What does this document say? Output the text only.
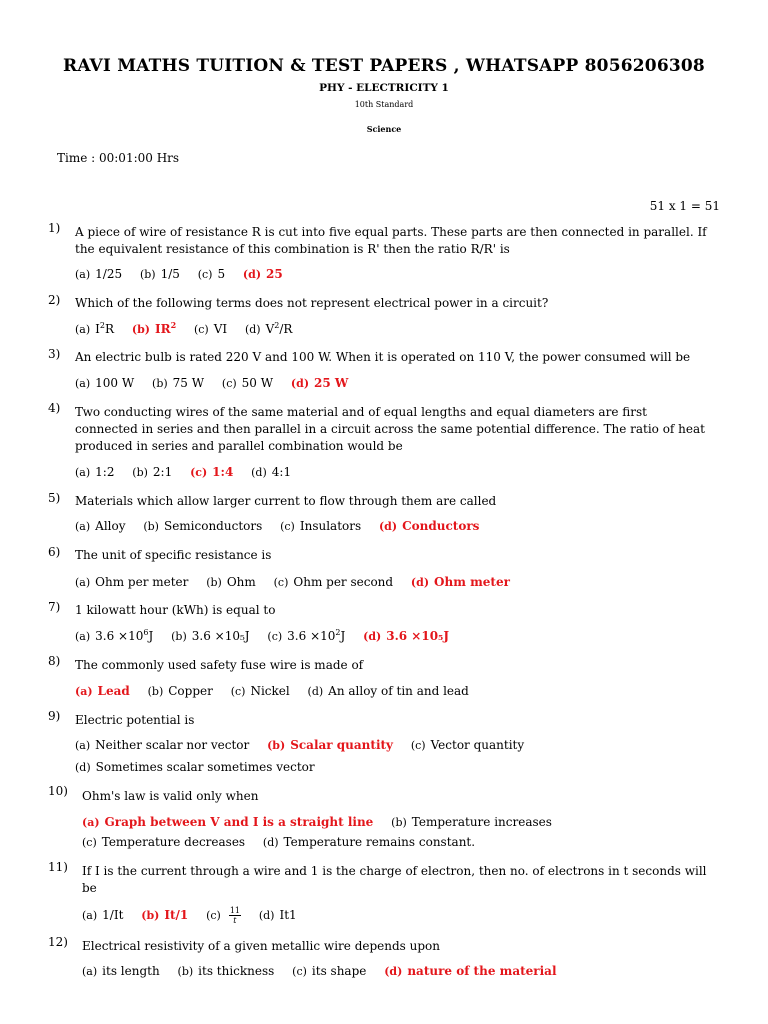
RAVI MATHS TUITION & TEST PAPERS , WHATSAPP 8056206308
PHY - ELECTRICITY 1
10th Standard
Science
Time : 00:01:00 Hrs
51 x 1 = 51
1) A piece of wire of resistance R is cut into five equal parts. These parts are then connected in parallel. If the equivalent resistance of this combination is R' then the ratio R/R' is
(a) 1/25 (b) 1/5 (c) 5 (d) 25
2) Which of the following terms does not represent electrical power in a circuit?
(a) $I^2R$ (b) $IR^2$ (c) VI (d) $V^2/R$
3) An electric bulb is rated 220 V and 100 W. When it is operated on 110 V, the power consumed will be
(a) 100 W (b) 75 W (c) 50 W (d) 25 W
4) Two conducting wires of the same material and of equal lengths and equal diameters are first connected in series and then parallel in a circuit across the same potential difference. The ratio of heat produced in series and parallel combination would be
(a) 1:2 (b) 2:1 (c) 1:4 (d) 4:1
5) Materials which allow larger current to flow through them are called
(a) Alloy (b) Semiconductors (c) Insulators (d) Conductors
6) The unit of specific resistance is
(a) Ohm per meter (b) Ohm (c) Ohm per second (d) Ohm meter
7) 1 kilowatt hour (kWh) is equal to
(a) $3.6 \times 10^6J$ (b) 3.6 ×10₅J (c) $3.6 \times 10^2J$ (d) 3.6 ×10₅J
8) The commonly used safety fuse wire is made of
(a) Lead (b) Copper (c) Nickel (d) An alloy of tin and lead
9) Electric potential is
(a) Neither scalar nor vector (b) Scalar quantity (c) Vector quantity
(d) Sometimes scalar sometimes vector
10) Ohm's law is valid only when
(a) Graph between V and I is a straight line (b) Temperature increases
(c) Temperature decreases (d) Temperature remains constant.
11) If I is the current through a wire and 1 is the charge of electron, then no. of electrons in t seconds will be
(a) 1/It (b) It/1 $(c) \frac{11}{t} (d)$ It1
12) Electrical resistivity of a given metallic wire depends upon
(a) its length (b) its thickness (c) its shape (d) nature of the material
